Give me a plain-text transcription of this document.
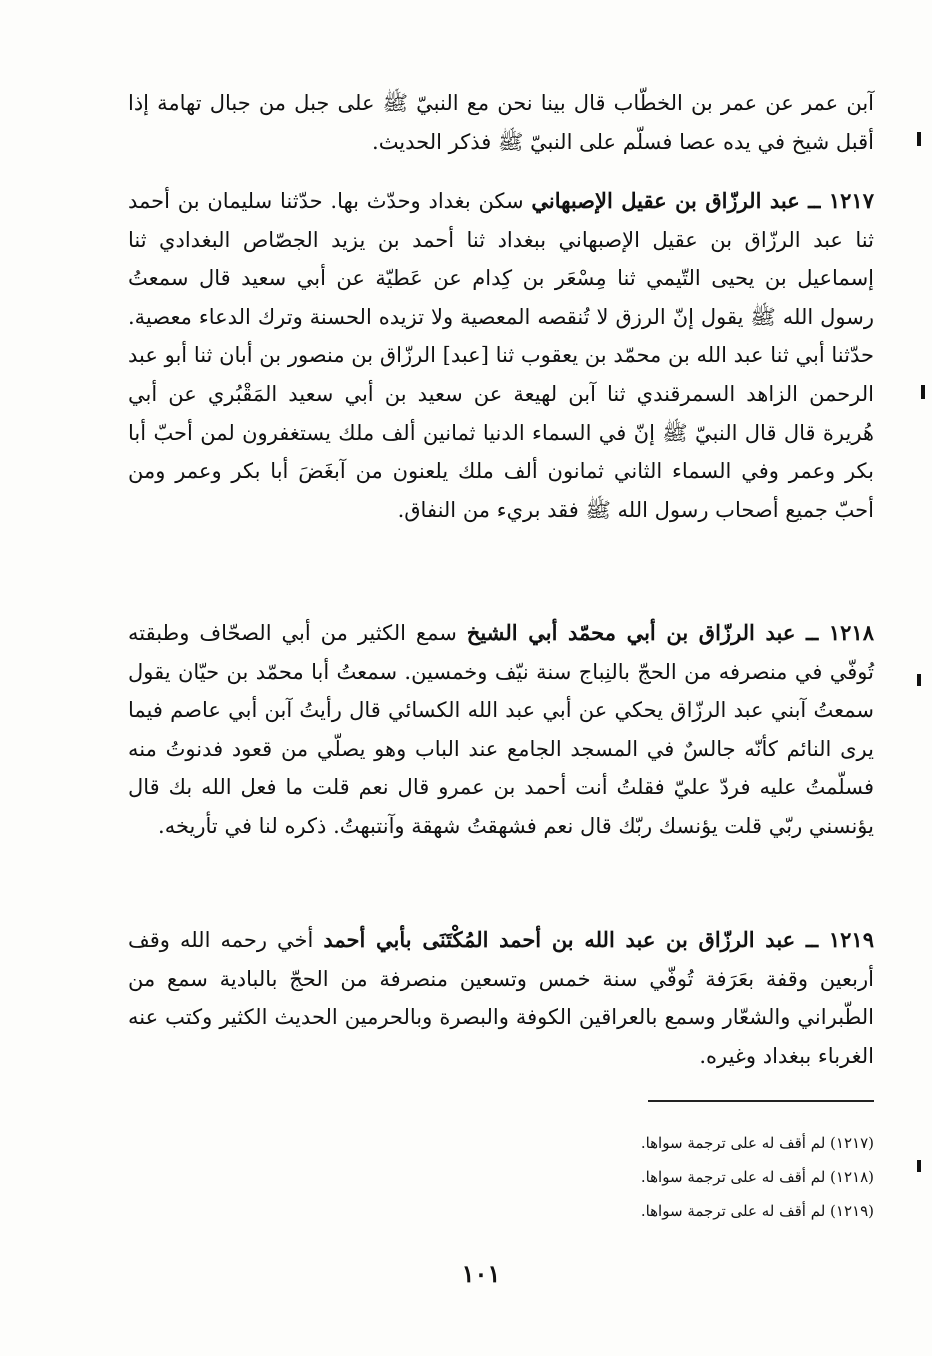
آبن عمر عن عمر بن الخطّاب قال بينا نحن مع النبيّ ﷺ على جبل من جبال تهامة إذا أقبل شيخ في يده عصا فسلّم على النبيّ ﷺ فذكر الحديث.

١٢١٧ ــ عبد الرزّاق بن عقيل الإصبهاني سكن بغداد وحدّث بها. حدّثنا سليمان بن أحمد ثنا عبد الرزّاق بن عقيل الإصبهاني ببغداد ثنا أحمد بن يزيد الجصّاص البغدادي ثنا إسماعيل بن يحيى التّيمي ثنا مِسْعَر بن كِدام عن عَطيّة عن أبي سعيد قال سمعتُ رسول الله ﷺ يقول إنّ الرزق لا تُنقصه المعصية ولا تزيده الحسنة وترك الدعاء معصية. حدّثنا أبي ثنا عبد الله بن محمّد بن يعقوب ثنا [عبد] الرزّاق بن منصور بن أبان ثنا أبو عبد الرحمن الزاهد السمرقندي ثنا آبن لهيعة عن سعيد بن أبي سعيد المَقْبُري عن أبي هُريرة قال قال النبيّ ﷺ إنّ في السماء الدنيا ثمانين ألف ملك يستغفرون لمن أحبّ أبا بكر وعمر وفي السماء الثاني ثمانون ألف ملك يلعنون من آبغَضَ أبا بكر وعمر ومن أحبّ جميع أصحاب رسول الله ﷺ فقد بريء من النفاق.

١٢١٨ ــ عبد الرزّاق بن أبي محمّد أبي الشيخ سمع الكثير من أبي الصحّاف وطبقته تُوفّي في منصرفه من الحجّ بالنِباج سنة نيّف وخمسين. سمعتُ أبا محمّد بن حيّان يقول سمعتُ آبني عبد الرزّاق يحكي عن أبي عبد الله الكسائي قال رأيتُ آبن أبي عاصم فيما يرى النائم كأنّه جالسٌ في المسجد الجامع عند الباب وهو يصلّي من قعود فدنوتُ منه فسلّمتُ عليه فردّ عليّ فقلتُ أنت أحمد بن عمرو قال نعم قلت ما فعل الله بك قال يؤنسني ربّي قلت يؤنسك ربّك قال نعم فشهقتُ شهقة وآنتبهتُ. ذكره لنا في تأريخه.

١٢١٩ ــ عبد الرزّاق بن عبد الله بن أحمد المُكْتَنَى بأبي أحمد أخي رحمه الله وقف أربعين وقفة بعَرَفة تُوفّي سنة خمس وتسعين منصرفة من الحجّ بالبادية سمع من الطّبراني والشعّار وسمع بالعراقين الكوفة والبصرة وبالحرمين الحديث الكثير وكتب عنه الغرباء ببغداد وغيره.

(١٢١٧) لم أقف له على ترجمة سواها.
(١٢١٨) لم أقف له على ترجمة سواها.
(١٢١٩) لم أقف له على ترجمة سواها.
١٠١
